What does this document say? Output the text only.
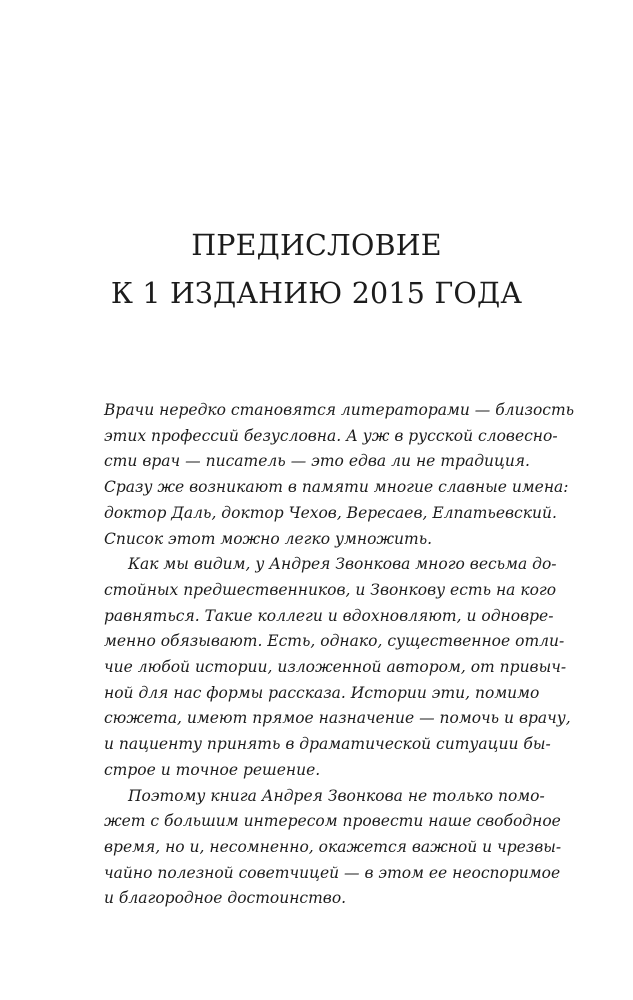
ПРЕДИСЛОВИЕ
К 1 ИЗДАНИЮ 2015 ГОДА
Врачи нередко становятся литераторами — близость
этих профессий безусловна. А уж в русской словесно-
сти врач — писатель — это едва ли не традиция.
Сразу же возникают в памяти многие славные имена:
доктор Даль, доктор Чехов, Вересаев, Елпатьевский.
Список этот можно легко умножить.
Как мы видим, у Андрея Звонкова много весьма до-
стойных предшественников, и Звонкову есть на кого
равняться. Такие коллеги и вдохновляют, и одновре-
менно обязывают. Есть, однако, существенное отли-
чие любой истории, изложенной автором, от привыч-
ной для нас формы рассказа. Истории эти, помимо
сюжета, имеют прямое назначение — помочь и врачу,
и пациенту принять в драматической ситуации бы-
строе и точное решение.
Поэтому книга Андрея Звонкова не только помо-
жет с большим интересом провести наше свободное
время, но и, несомненно, окажется важной и чрезвы-
чайно полезной советчицей — в этом ее неоспоримое
и благородное достоинство.
